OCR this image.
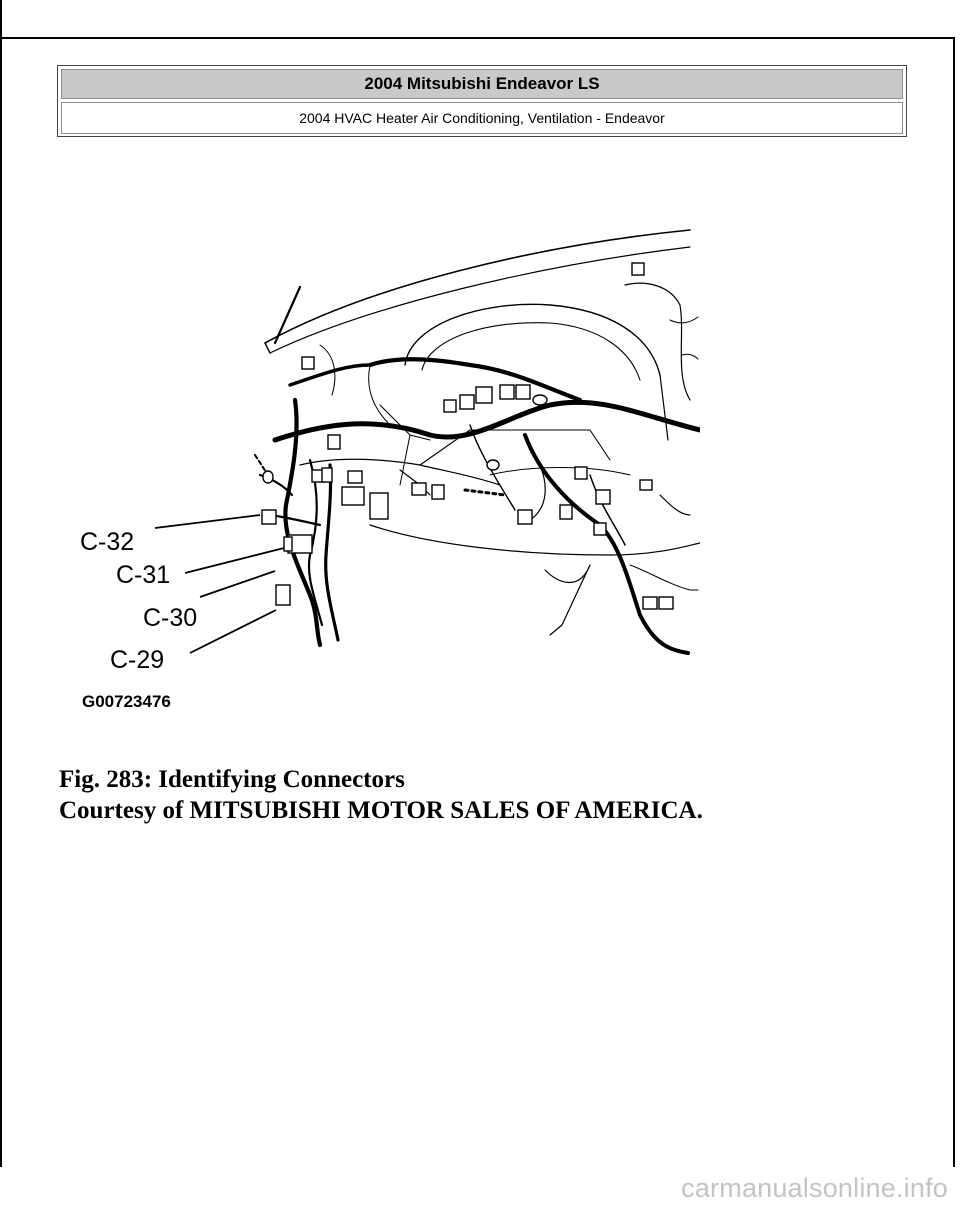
2004 Mitsubishi Endeavor LS
2004 HVAC Heater Air Conditioning, Ventilation - Endeavor
C-32
C-31
C-30
C-29
G00723476
Fig. 283: Identifying Connectors
Courtesy of MITSUBISHI MOTOR SALES OF AMERICA.
carmanualsonline.info
